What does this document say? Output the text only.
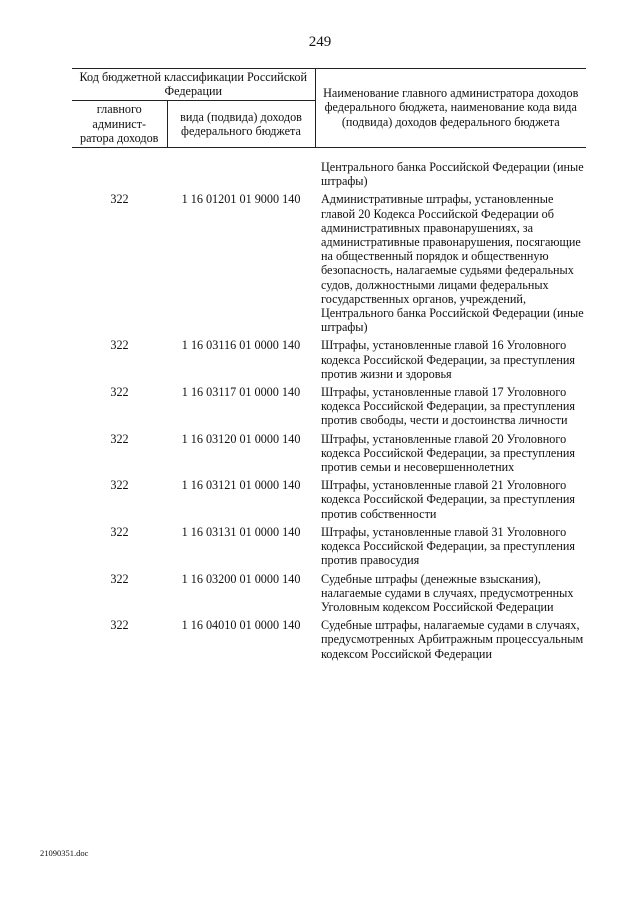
249
Код бюджетной классификации Российской Федерации		Наименование главного администратора доходов федерального бюджета, наименование кода вида (подвида) доходов федерального бюджета
главного админист-ратора доходов	вида (подвида) доходов федерального бюджета	
		Центрального банка Российской Федерации (иные штрафы)
322	1 16 01201 01 9000 140	Административные штрафы, установленные главой 20 Кодекса Российской Федерации об административных правонарушениях, за административные правонарушения, посягающие на общественный порядок и общественную безопасность, налагаемые судьями федеральных судов, должностными лицами федеральных государственных органов, учреждений, Центрального банка Российской Федерации (иные штрафы)
322	1 16 03116 01 0000 140	Штрафы, установленные главой 16 Уголовного кодекса Российской Федерации, за преступления против жизни и здоровья
322	1 16 03117 01 0000 140	Штрафы, установленные главой 17 Уголовного кодекса Российской Федерации, за преступления против свободы, чести и достоинства личности
322	1 16 03120 01 0000 140	Штрафы, установленные главой 20 Уголовного кодекса Российской Федерации, за преступления против семьи и несовершеннолетних
322	1 16 03121 01 0000 140	Штрафы, установленные главой 21 Уголовного кодекса Российской Федерации, за преступления против собственности
322	1 16 03131 01 0000 140	Штрафы, установленные главой 31 Уголовного кодекса Российской Федерации, за преступления против правосудия
322	1 16 03200 01 0000 140	Судебные штрафы (денежные взыскания), налагаемые судами в случаях, предусмотренных Уголовным кодексом Российской Федерации
322	1 16 04010 01 0000 140	Судебные штрафы, налагаемые судами в случаях, предусмотренных Арбитражным процессуальным кодексом Российской Федерации
21090351.doc
